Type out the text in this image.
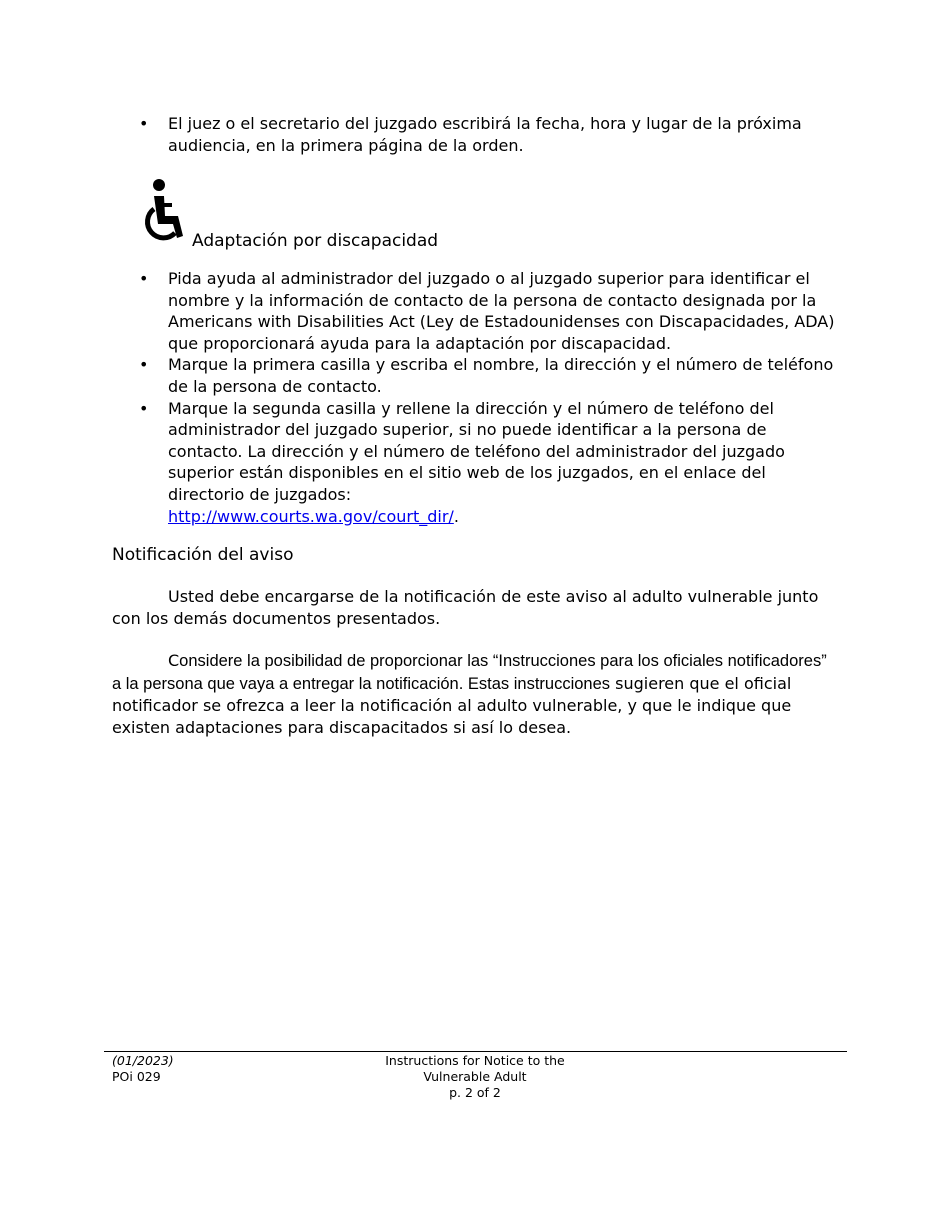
• El juez o el secretario del juzgado escribirá la fecha, hora y lugar de la próxima audiencia, en la primera página de la orden.
Adaptación por discapacidad
• Pida ayuda al administrador del juzgado o al juzgado superior para identificar el nombre y la información de contacto de la persona de contacto designada por la Americans with Disabilities Act (Ley de Estadounidenses con Discapacidades, ADA) que proporcionará ayuda para la adaptación por discapacidad.
• Marque la primera casilla y escriba el nombre, la dirección y el número de teléfono de la persona de contacto.
• Marque la segunda casilla y rellene la dirección y el número de teléfono del administrador del juzgado superior, si no puede identificar a la persona de contacto. La dirección y el número de teléfono del administrador del juzgado superior están disponibles en el sitio web de los juzgados, en el enlace del directorio de juzgados:
http://www.courts.wa.gov/court_dir/.
Notificación del aviso

Usted debe encargarse de la notificación de este aviso al adulto vulnerable junto con los demás documentos presentados.

Considere la posibilidad de proporcionar las “Instrucciones para los oficiales notificadores” a la persona que vaya a entregar la notificación. Estas instrucciones sugieren que el oficial notificador se ofrezca a leer la notificación al adulto vulnerable, y que le indique que existen adaptaciones para discapacitados si así lo desea.

(01/2023)
POi 029
Instructions for Notice to the
Vulnerable Adult
p. 2 of 2
